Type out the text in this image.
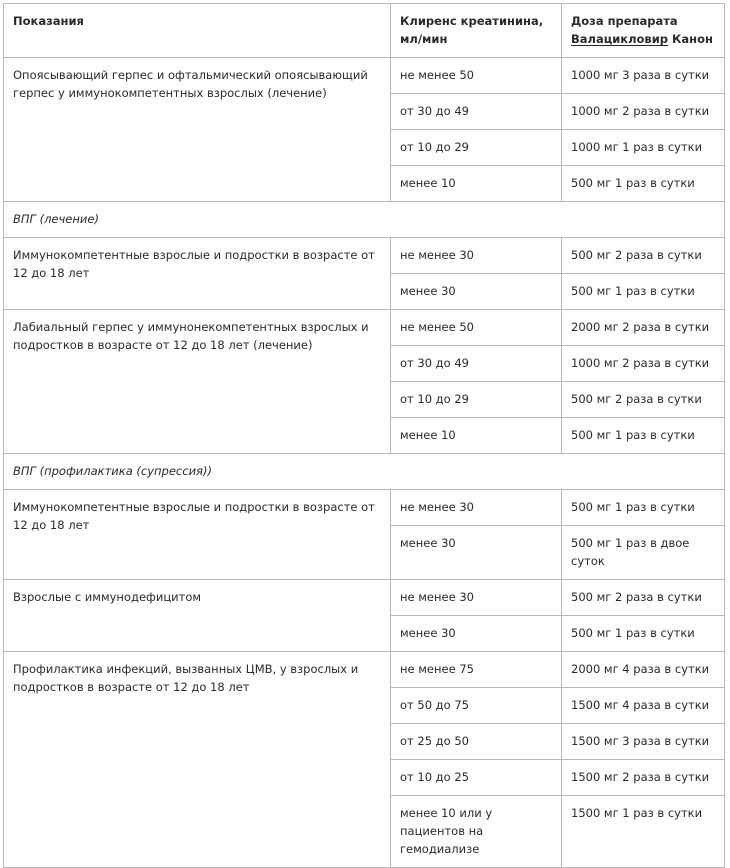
Показания	Клиренс креатинина, мл/мин	Доза препарата
Валацикловир Канон
Опоясывающий герпес и офтальмический опоясывающий герпес у иммунокомпетентных взрослых (лечение)	не менее 50	1000 мг 3 раза в сутки
	от 30 до 49	1000 мг 2 раза в сутки
	от 10 до 29	1000 мг 1 раз в сутки
	менее 10	500 мг 1 раз в сутки
ВПГ (лечение)		
Иммунокомпетентные взрослые и подростки в возрасте от 12 до 18 лет	не менее 30	500 мг 2 раза в сутки
	менее 30	500 мг 1 раз в сутки
Лабиальный герпес у иммунонекомпетентных взрослых и подростков в возрасте от 12 до 18 лет (лечение)	не менее 50	2000 мг 2 раза в сутки
	от 30 до 49	1000 мг 2 раза в сутки
	от 10 до 29	500 мг 2 раза в сутки
	менее 10	500 мг 1 раз в сутки
ВПГ (профилактика (супрессия))		
Иммунокомпетентные взрослые и подростки в возрасте от 12 до 18 лет	не менее 30	500 мг 1 раз в сутки
	менее 30	500 мг 1 раз в двое суток
Взрослые с иммунодефицитом	не менее 30	500 мг 2 раза в сутки
	менее 30	500 мг 1 раз в сутки
Профилактика инфекций, вызванных ЦМВ, у взрослых и подростков в возрасте от 12 до 18 лет	не менее 75	2000 мг 4 раза в сутки
	от 50 до 75	1500 мг 4 раза в сутки
	от 25 до 50	1500 мг 3 раза в сутки
	от 10 до 25	1500 мг 2 раза в сутки
	менее 10 или у пациентов на гемодиализе	1500 мг 1 раз в сутки
